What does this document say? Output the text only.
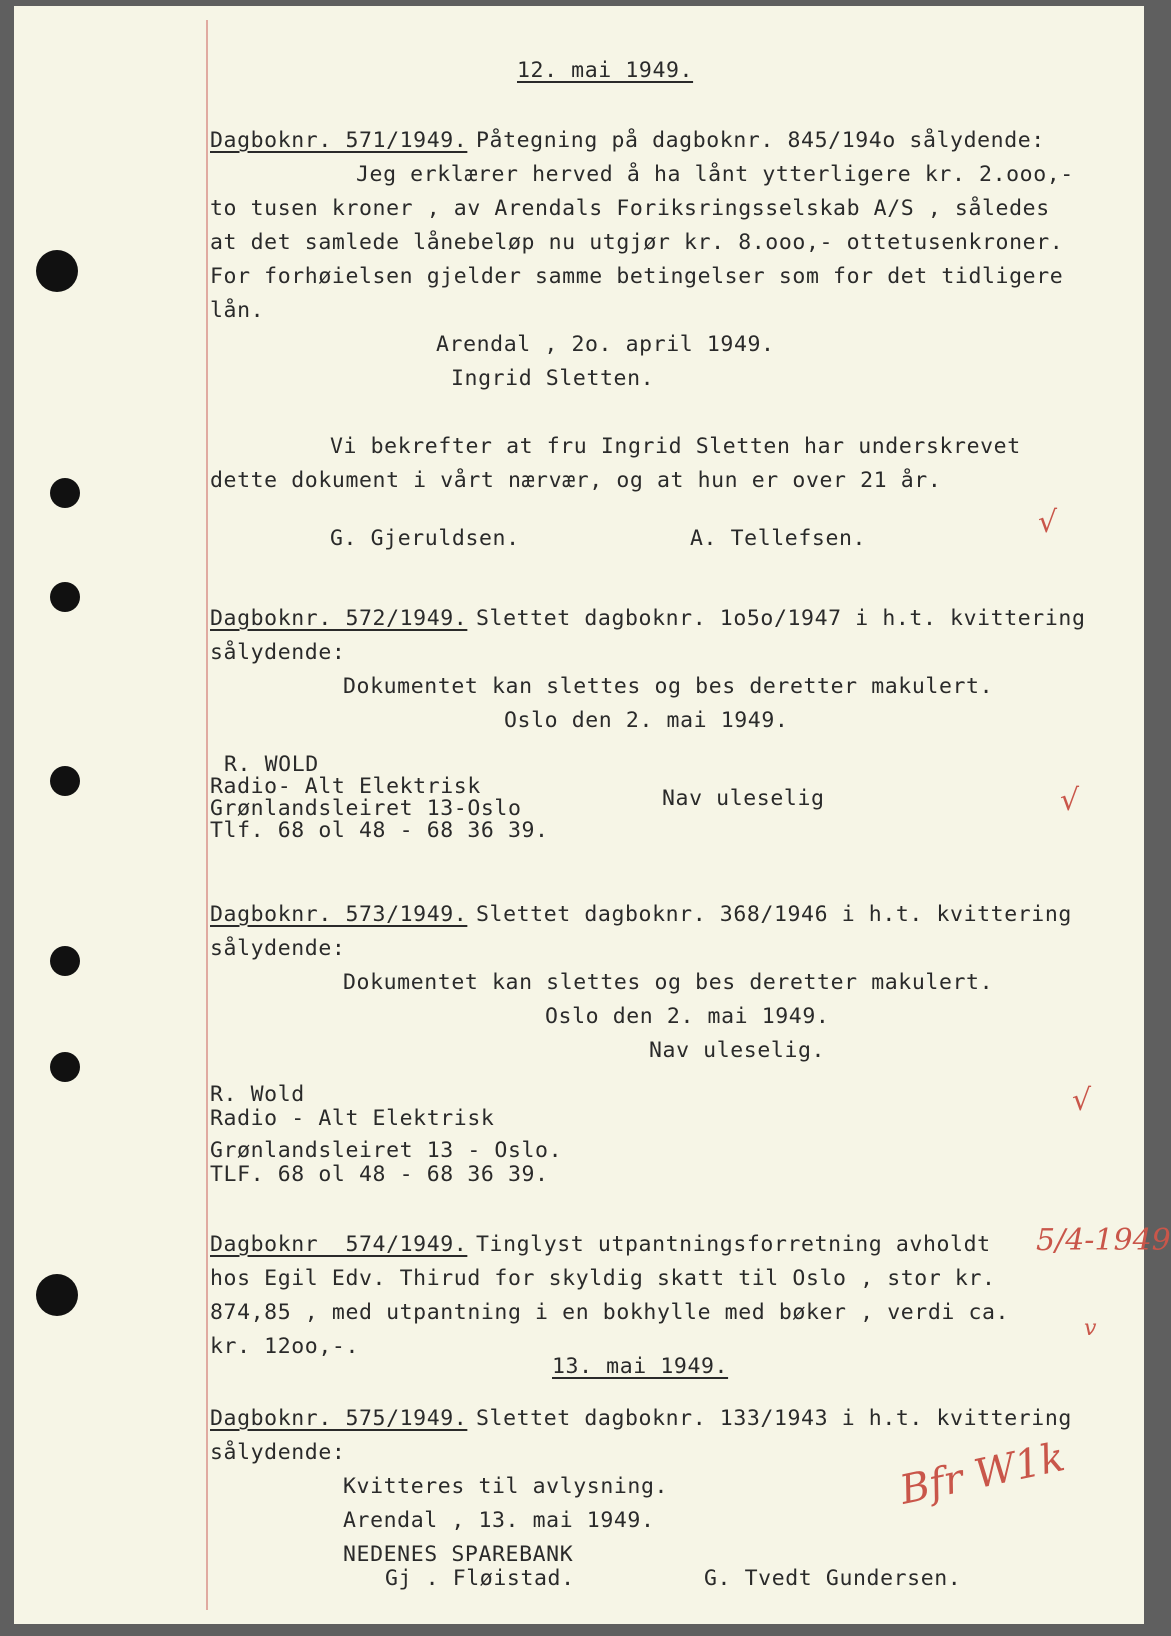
12. mai 1949.
Dagboknr. 571/1949. Påtegning på dagboknr. 845/194o sålydende:
Jeg erklærer herved å ha lånt ytterligere kr. 2.ooo,-
to tusen kroner , av Arendals Foriksringsselskab A/S , således
at det samlede lånebeløp nu utgjør kr. 8.ooo,- ottetusenkroner.
For forhøielsen gjelder samme betingelser som for det tidligere
lån.
Arendal , 2o. april 1949.
Ingrid Sletten.
Vi bekrefter at fru Ingrid Sletten har underskrevet
dette dokument i vårt nærvær, og at hun er over 21 år.
G. Gjeruldsen.	A. Tellefsen.	√
Dagboknr. 572/1949. Slettet dagboknr. 1o5o/1947 i h.t. kvittering
sålydende:
Dokumentet kan slettes og bes deretter makulert.
Oslo den 2. mai 1949.
R. WOLD
Radio- Alt Elektrisk
Grønlandsleiret 13-Oslo
Tlf. 68 ol 48 - 68 36 39.
Nav uleselig	√
Dagboknr. 573/1949. Slettet dagboknr. 368/1946 i h.t. kvittering
sålydende:
Dokumentet kan slettes og bes deretter makulert.
Oslo den 2. mai 1949.
Nav uleselig.
R. Wold
Radio - Alt Elektrisk
Grønlandsleiret 13 - Oslo.
TLF. 68 ol 48 - 68 36 39.
√
Dagboknr  574/1949. Tinglyst utpantningsforretning avholdt 5/4-1949
hos Egil Edv. Thirud for skyldig skatt til Oslo , stor kr.
874,85 , med utpantning i en bokhylle med bøker , verdi ca.
kr. 12oo,-.
v
13. mai 1949.
Dagboknr. 575/1949. Slettet dagboknr. 133/1943 i h.t. kvittering
sålydende:
Kvitteres til avlysning.
Arendal , 13. mai 1949.
NEDENES SPAREBANK
Gj . Fløistad.	G. Tvedt Gundersen.
Bfr W1k
